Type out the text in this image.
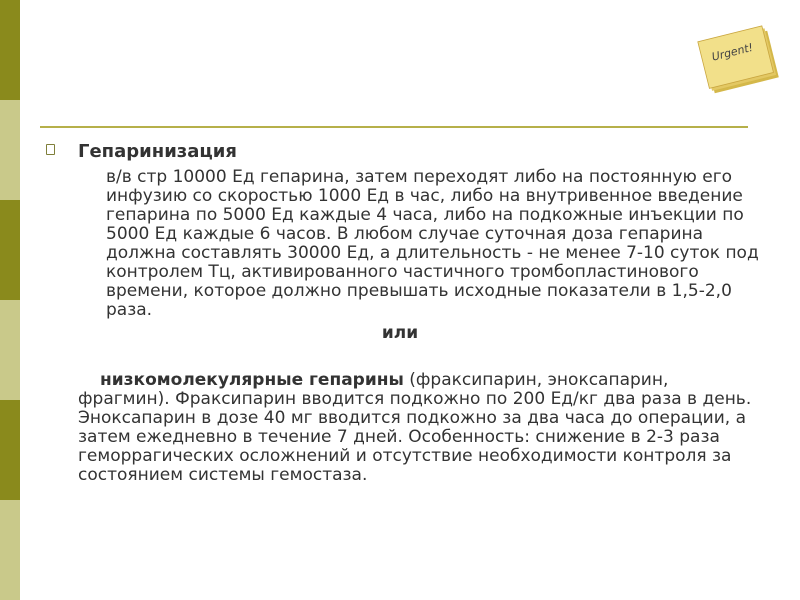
Urgent!
Гепаринизация
в/в стр 10000 Ед гепарина, затем переходят либо на постоянную его инфузию со скоростью 1000 Ед в час, либо на внутривенное введение гепарина по 5000 Ед каждые 4 часа, либо на подкожные инъекции по 5000 Ед каждые 6 часов. В любом случае суточная доза гепарина должна составлять 30000 Ед, а длительность - не менее 7-10 суток под контролем Тц, активированного частичного тромбопластинового времени, которое должно превышать исходные показатели в 1,5-2,0 раза.
или
низкомолекулярные гепарины (фраксипарин, эноксапарин, фрагмин). Фраксипарин вводится подкожно по 200 Ед/кг два раза в день. Эноксапарин в дозе 40 мг вводится подкожно за два часа до операции, а затем ежедневно в течение 7 дней. Особенность: снижение в 2-3 раза геморрагических осложнений и отсутствие необходимости контроля за состоянием системы гемостаза.
